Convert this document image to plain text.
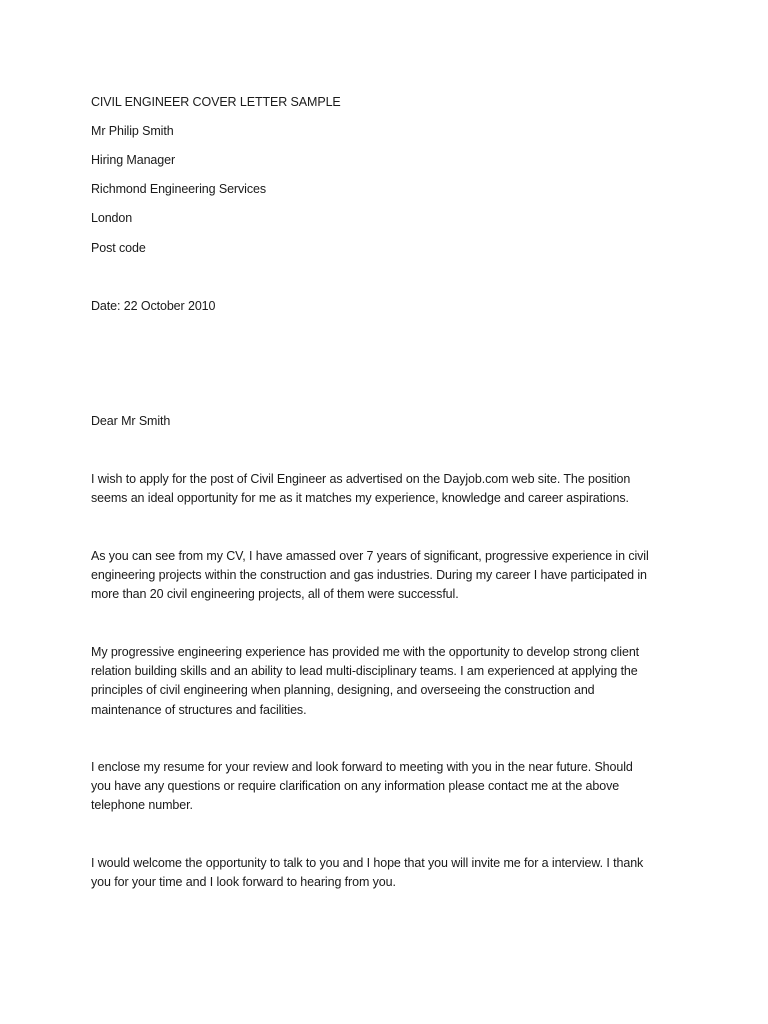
CIVIL ENGINEER COVER LETTER SAMPLE
Mr Philip Smith
Hiring Manager
Richmond Engineering Services
London
Post code
Date: 22 October 2010
Dear Mr Smith
I wish to apply for the post of Civil Engineer as advertised on the Dayjob.com web site. The position
seems an ideal opportunity for me as it matches my experience, knowledge and career aspirations.
As you can see from my CV, I have amassed over 7 years of significant, progressive experience in civil
engineering projects within the construction and gas industries. During my career I have participated in
more than 20 civil engineering projects, all of them were successful.
My progressive engineering experience has provided me with the opportunity to develop strong client
relation building skills and an ability to lead multi-disciplinary teams. I am experienced at applying the
principles of civil engineering when planning, designing, and overseeing the construction and
maintenance of structures and facilities.
I enclose my resume for your review and look forward to meeting with you in the near future. Should
you have any questions or require clarification on any information please contact me at the above
telephone number.
I would welcome the opportunity to talk to you and I hope that you will invite me for a interview. I thank
you for your time and I look forward to hearing from you.
